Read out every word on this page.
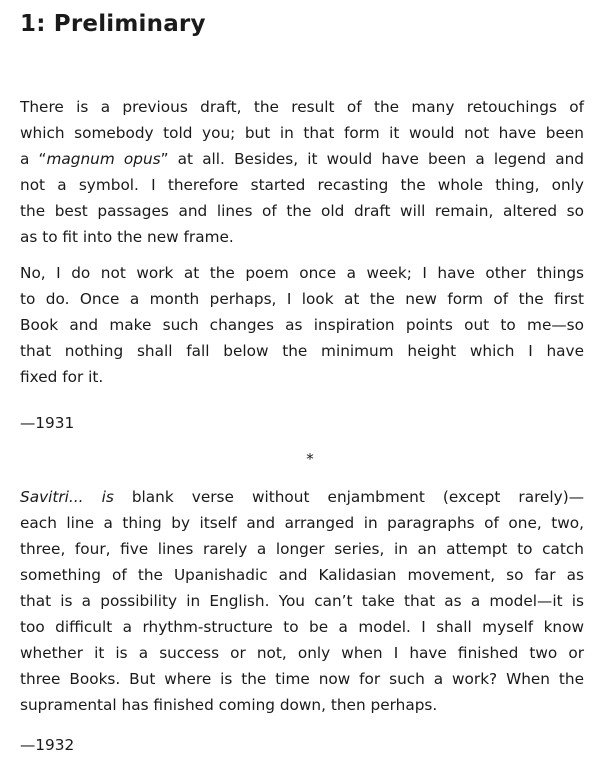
1: Preliminary
There is a previous draft, the result of the many retouchings of
which somebody told you; but in that form it would not have been
a “magnum opus” at all. Besides, it would have been a legend and
not a symbol. I therefore started recasting the whole thing, only
the best passages and lines of the old draft will remain, altered so
as to fit into the new frame.
No, I do not work at the poem once a week; I have other things
to do. Once a month perhaps, I look at the new form of the first
Book and make such changes as inspiration points out to me—so
that nothing shall fall below the minimum height which I have
fixed for it.

—1931

*
Savitri... is blank verse without enjambment (except rarely)—
each line a thing by itself and arranged in paragraphs of one, two,
three, four, five lines rarely a longer series, in an attempt to catch
something of the Upanishadic and Kalidasian movement, so far as
that is a possibility in English. You can’t take that as a model—it is
too difficult a rhythm-structure to be a model. I shall myself know
whether it is a success or not, only when I have finished two or
three Books. But where is the time now for such a work? When the
supramental has finished coming down, then perhaps.

—1932
